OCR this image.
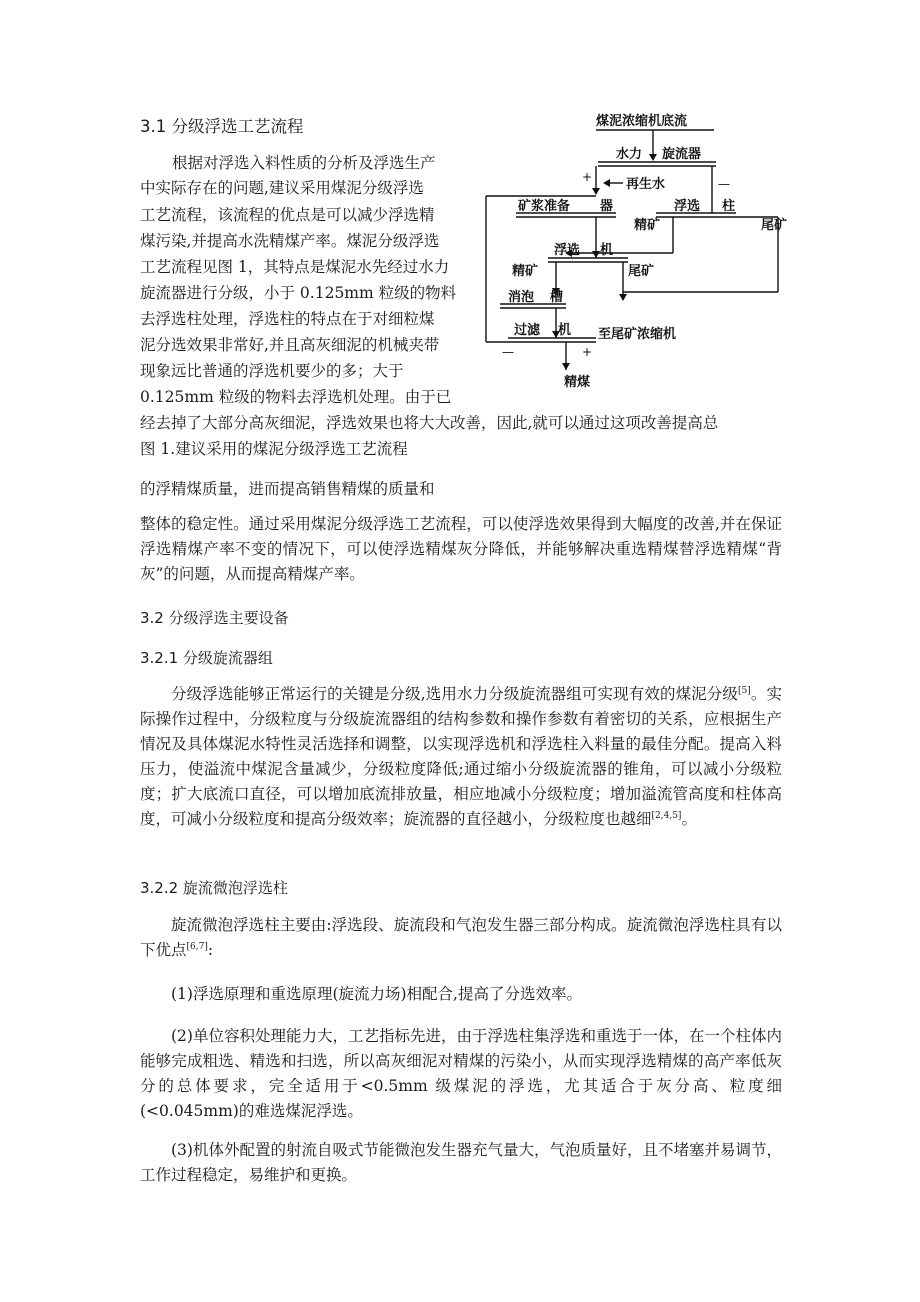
3.1 分级浮选工艺流程
根据对浮选入料性质的分析及浮选生产
中实际存在的问题,建议采用煤泥分级浮选
工艺流程，该流程的优点是可以减少浮选精
煤污染,并提高水洗精煤产率。煤泥分级浮选
工艺流程见图 1，其特点是煤泥水先经过水力
旋流器进行分级，小于 0.125mm 粒级的物料
去浮选柱处理，浮选柱的特点在于对细粒煤
泥分选效果非常好,并且高灰细泥的机械夹带
现象远比普通的浮选机要少的多；大于
0.125mm 粒级的物料去浮选机处理。由于已
经去掉了大部分高灰细泥，浮选效果也将大大改善，因此,就可以通过这项改善提高总
图 1.建议采用的煤泥分级浮选工艺流程
的浮精煤质量，进而提高销售精煤的质量和
煤泥浓缩机底流
水力 旋流器
+	—
再生水
矿浆准备 器	浮选 柱
精矿	尾矿
浮选 机
精矿	尾矿
消泡 槽
过滤 机 至尾矿浓缩机
—	+
精煤

整体的稳定性。通过采用煤泥分级浮选工艺流程，可以使浮选效果得到大幅度的改善,并在保证浮选精煤产率不变的情况下，可以使浮选精煤灰分降低，并能够解决重选精煤替浮选精煤“背灰”的问题，从而提高精煤产率。

3.2 分级浮选主要设备
3.2.1 分级旋流器组

分级浮选能够正常运行的关键是分级,选用水力分级旋流器组可实现有效的煤泥分级[5]。实际操作过程中，分级粒度与分级旋流器组的结构参数和操作参数有着密切的关系，应根据生产情况及具体煤泥水特性灵活选择和调整，以实现浮选机和浮选柱入料量的最佳分配。提高入料压力，使溢流中煤泥含量减少，分级粒度降低;通过缩小分级旋流器的锥角，可以减小分级粒度；扩大底流口直径，可以增加底流排放量，相应地减小分级粒度；增加溢流管高度和柱体高度，可减小分级粒度和提高分级效率；旋流器的直径越小，分级粒度也越细[2,4,5]。

3.2.2 旋流微泡浮选柱

旋流微泡浮选柱主要由:浮选段、旋流段和气泡发生器三部分构成。旋流微泡浮选柱具有以下优点[6,7]:

(1)浮选原理和重选原理(旋流力场)相配合,提高了分选效率。

(2)单位容积处理能力大，工艺指标先进，由于浮选柱集浮选和重选于一体，在一个柱体内能够完成粗选、精选和扫选，所以高灰细泥对精煤的污染小，从而实现浮选精煤的高产率低灰分的总体要求，完全适用于<0.5mm 级煤泥的浮选，尤其适合于灰分高、粒度细(<0.045mm)的难选煤泥浮选。

(3)机体外配置的射流自吸式节能微泡发生器充气量大，气泡质量好，且不堵塞并易调节，工作过程稳定，易维护和更换。
